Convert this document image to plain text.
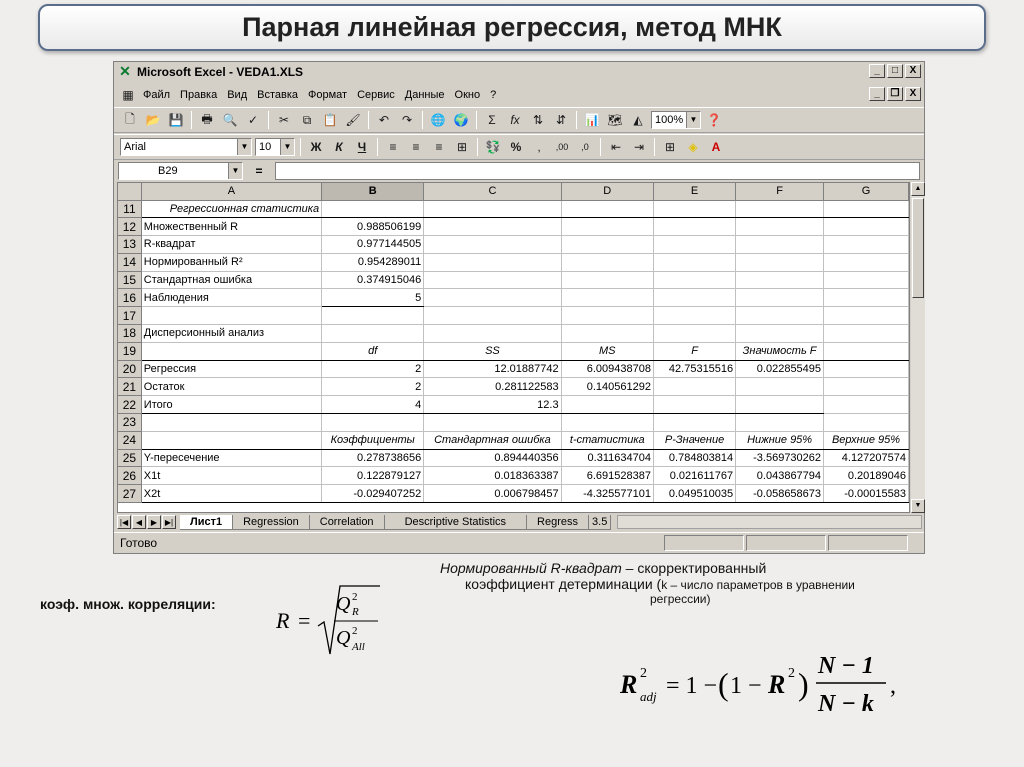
Парная линейная регрессия, метод МНК
✕ Microsoft Excel - VEDA1.XLS	_	□	X
▦ Файл Правка Вид Вставка Формат Сервис Данные Окно ?	_	❐	X
🗋 📂 💾	🖶 🔍 ✓	✂	⧉ 📋 🖌	↶	↷	🌐 🌍	Σ	fx	⇅	⇵	📊 🗺 ◭	100% ▼ ❓
Arial	▼ 10	▼	Ж	К	Ч	≡	≡	≡	⊞	💱 %	,	,00	,0	⇤	⇥	⊞	◈	A
B29	▼	=
	A	B	C	D	E	F	G
11	Регрессионная статистика						
12	Множественный R	0.988506199					
13	R-квадрат	0.977144505					
14	Нормированный R²	0.954289011					
15	Стандартная ошибка	0.374915046					
16	Наблюдения	5					
17							
18	Дисперсионный анализ						
19		df	SS	MS	F	Значимость F	
20	Регрессия	2	12.01887742	6.009438708	42.75315516	0.022855495	
21	Остаток	2	0.281122583	0.140561292			
22	Итого	4	12.3				
23							
24		Коэффициенты	Стандартная ошибка	t-статистика	P-Значение	Нижние 95%	Верхние 95%
25	Y-пересечение	0.278738656	0.894440356	0.311634704	0.784803814	-3.569730262	4.127207574
26	X1t	0.122879127	0.018363387	6.691528387	0.021611767	0.043867794	0.20189046
27	X2t	-0.029407252	0.006798457	-4.325577101	0.049510035	-0.058658673	-0.00015583
▲
▼
|◀ ◀	▶ ▶|	Лист1	Regression	Correlation	Descriptive Statistics	Regress	3.5
Готово
Нормированный R-квадрат – скорректированный
коэффициент детерминации (k – число параметров в уравнении
регрессии)
коэф. множ. корреляции:
R =
Q 2
R
Q 2
All
R 2
adj = 1 − ( 1 − R 2 ) N − 1
N − k
,
